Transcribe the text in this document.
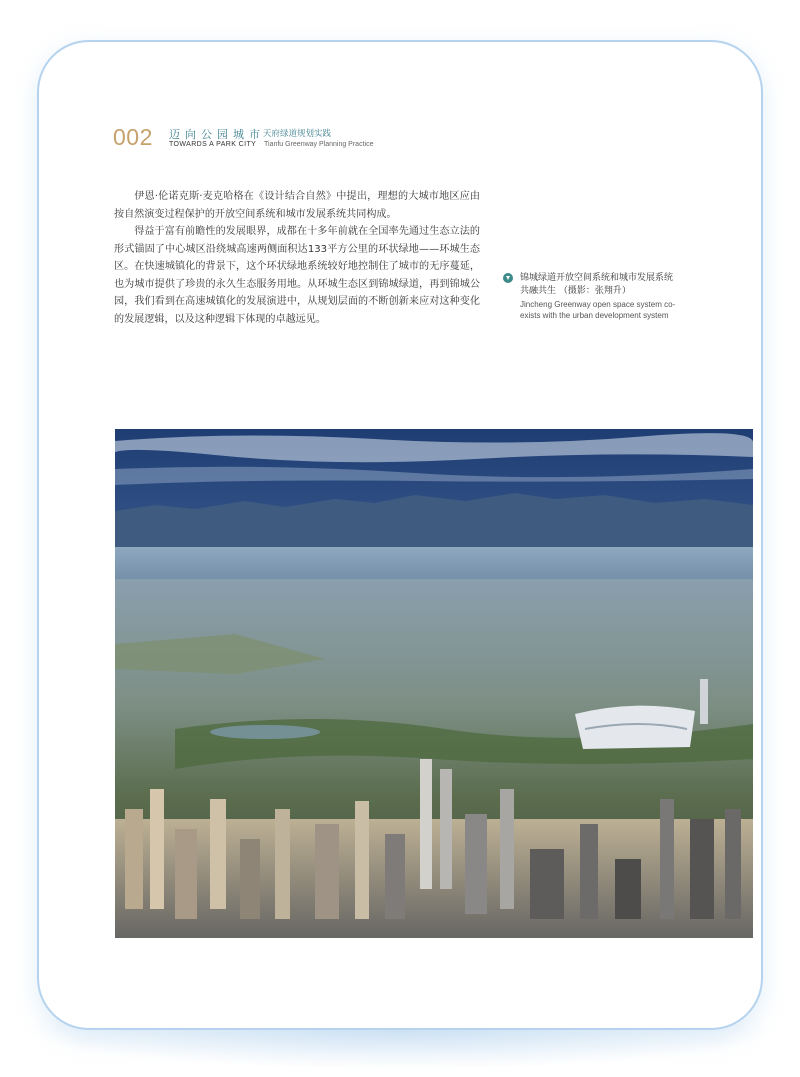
002 迈向公园城市
天府绿道规划实践
TOWARDS A PARK CITY Tianfu Greenway Planning Practice

伊恩·伦诺克斯·麦克哈格在《设计结合自然》中提出，理想的大城市地区应由按自然演变过程保护的开放空间系统和城市发展系统共同构成。

得益于富有前瞻性的发展眼界，成都在十多年前就在全国率先通过生态立法的形式锚固了中心城区沿绕城高速两侧面积达133平方公里的环状绿地——环城生态区。在快速城镇化的背景下，这个环状绿地系统较好地控制住了城市的无序蔓延，也为城市提供了珍贵的永久生态服务用地。从环城生态区到锦城绿道，再到锦城公园，我们看到在高速城镇化的发展演进中，从规划层面的不断创新来应对这种变化的发展逻辑，以及这种逻辑下体现的卓越远见。

锦城绿道开放空间系统和城市发展系统共融共生 （摄影：张翔升）
Jincheng Greenway open space system co-exists with the urban development system
